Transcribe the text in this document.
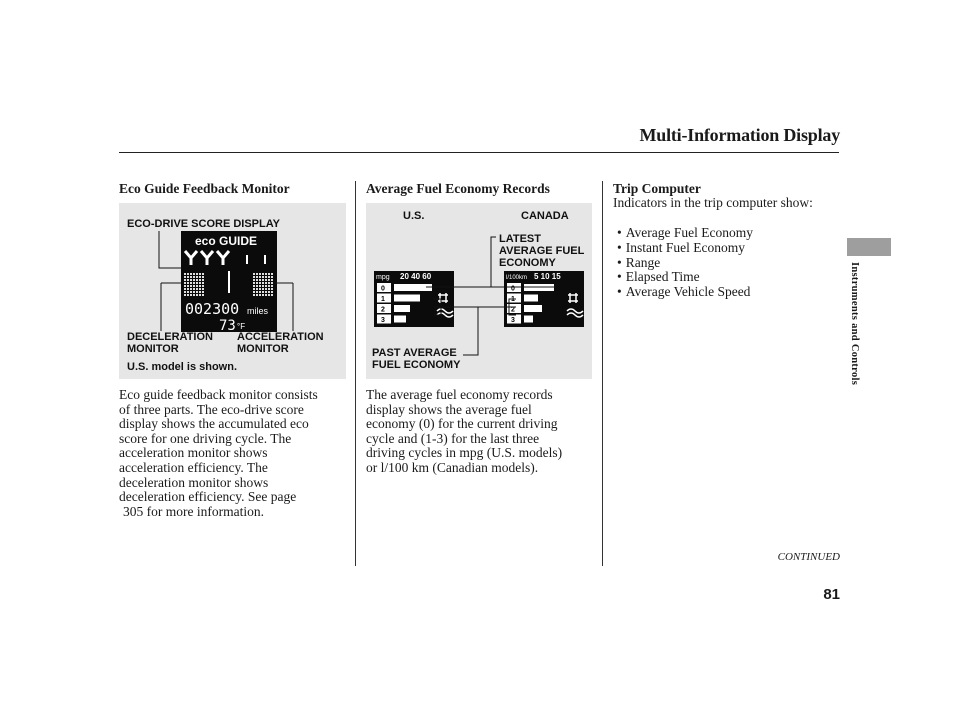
Multi-Information Display
Instruments and Controls
Eco Guide Feedback Monitor
ECO-DRIVE SCORE DISPLAY
eco GUIDE
002300 miles
73 °F
DECELERATION
MONITOR
ACCELERATION
MONITOR
U.S. model is shown.
Eco guide feedback monitor consists
of three parts. The eco-drive score
display shows the accumulated eco
score for one driving cycle. The
acceleration monitor shows
acceleration efficiency. The
deceleration monitor shows
deceleration efficiency. See page
305 for more information.
Average Fuel Economy Records
U.S.	CANADA
LATEST
AVERAGE FUEL
ECONOMY
mpg 20 40 60
0
1
2
3
l/100km 5 10 15
0
1
2
3
PAST AVERAGE
FUEL ECONOMY
The average fuel economy records
display shows the average fuel
economy (0) for the current driving
cycle and (1-3) for the last three
driving cycles in mpg (U.S. models)
or l/100 km (Canadian models).
Trip Computer
Indicators in the trip computer show:
• Average Fuel Economy
• Instant Fuel Economy
• Range
• Elapsed Time
• Average Vehicle Speed
CONTINUED
81
